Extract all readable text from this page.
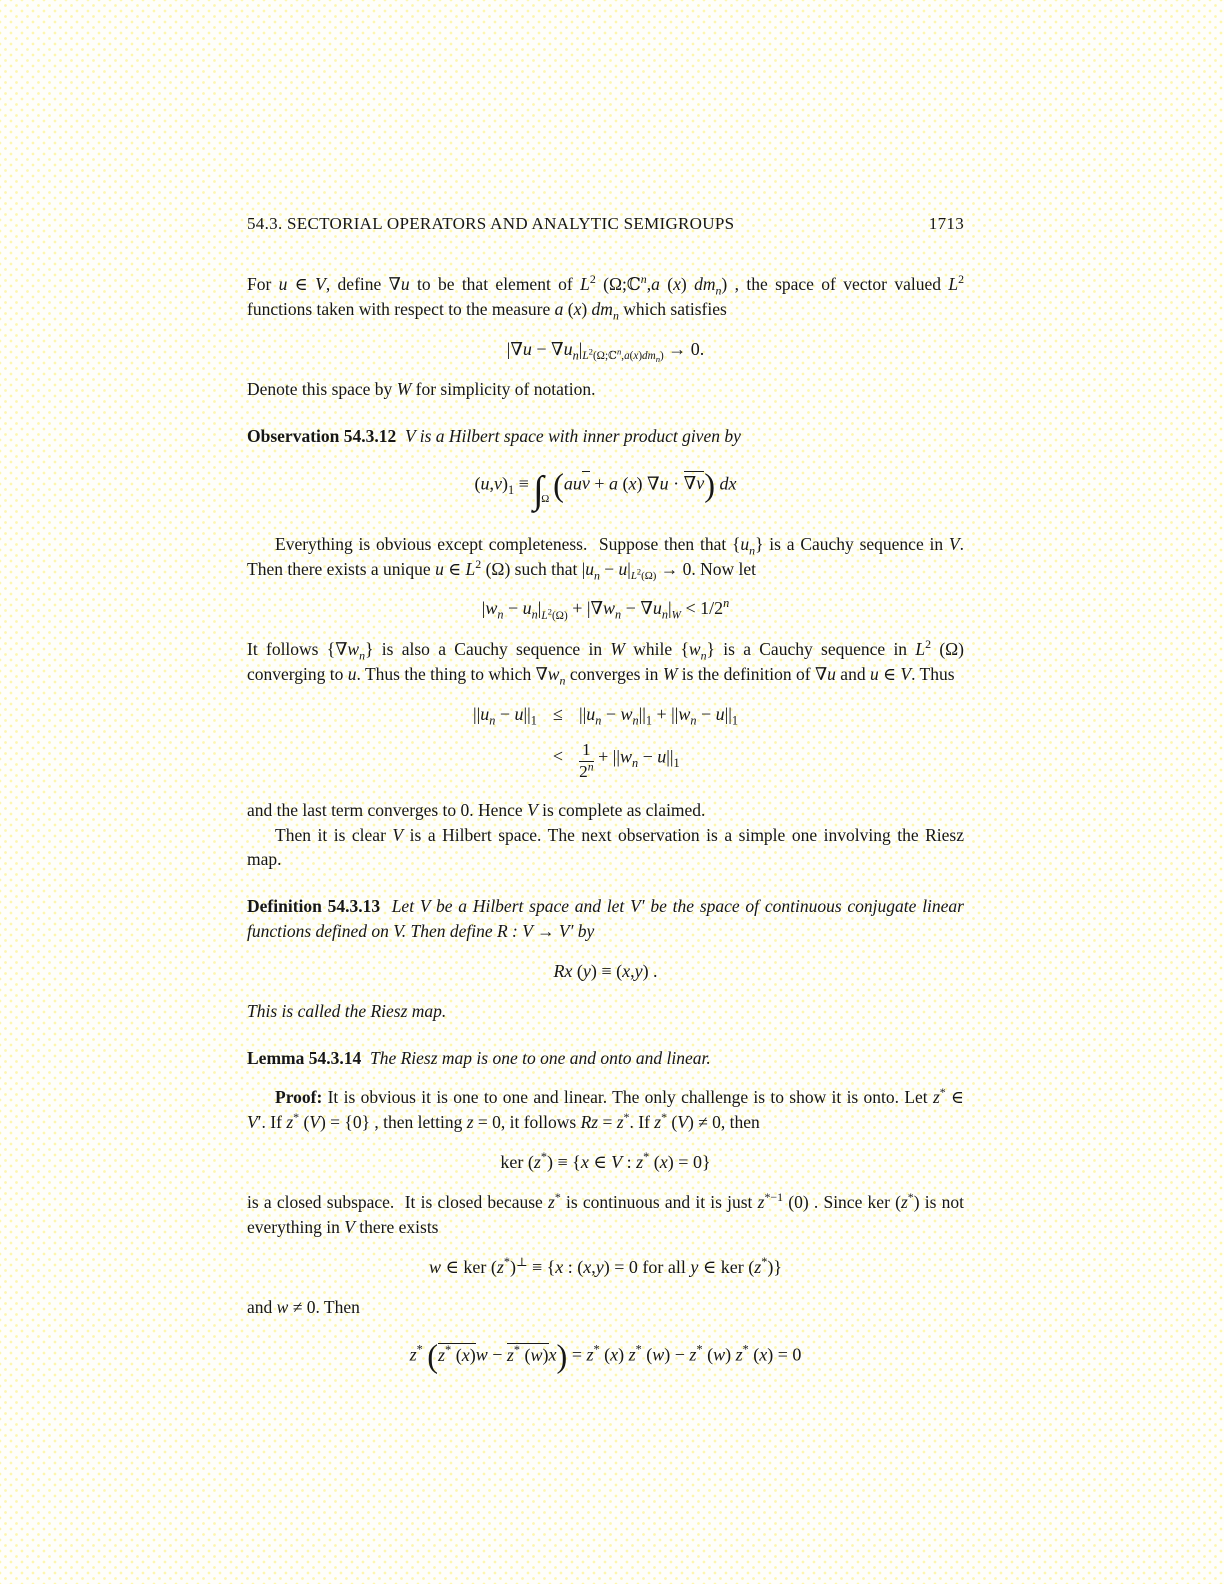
54.3. SECTORIAL OPERATORS AND ANALYTIC SEMIGROUPS	1713
For u ∈ V, define ∇u to be that element of $L^2$ (Ω;ℂ$^n$,a (x) $dm_n$) , the space of vector valued $L^2$ functions taken with respect to the measure a (x) $dm_n$ which satisfies
$|\nabla u - \nabla u_n|_{L^2(\Omega;ℂ^n,a(x)dm_n)} \to 0$.
Denote this space by W for simplicity of notation.
Observation 54.3.12 V is a Hilbert space with inner product given by
$(u,v)_1 \equiv \int_\Omega$ (auv + a (x) ∇u · ∇v) dx
Everything is obvious except completeness.  Suppose then that $\{u_n\}$ is a Cauchy sequence in V. Then there exists a unique u ∈ $L^2$ (Ω) such that $|u_n - u|_{L^2(\Omega)} \to 0$. Now let
$|w_n - u_n|_{L^2(\Omega)} + |\nabla w_n - \nabla u_n|_W < 1/2^n$
It follows $\{\nabla w_n\}$ is also a Cauchy sequence in W while $\{w_n\}$ is a Cauchy sequence in $L^2$ (Ω) converging to u. Thus the thing to which $\nabla w_n$ converges in W is the definition of ∇u and u ∈ V. Thus
$||u_n - u||_1 \le ||u_n - w_n||_1 + ||w_n - u||_1$
< $\frac{1}{2^n} + ||w_n - u||_1$
and the last term converges to 0. Hence V is complete as claimed.
Then it is clear V is a Hilbert space. The next observation is a simple one involving the Riesz map.
Definition 54.3.13 Let V be a Hilbert space and let V′ be the space of continuous conjugate linear functions defined on V. Then define R : V → V′ by
Rx (y) ≡ (x,y) .
This is called the Riesz map.
Lemma 54.3.14 The Riesz map is one to one and onto and linear.
Proof: It is obvious it is one to one and linear. The only challenge is to show it is onto. Let z* ∈ V′. If z* (V) = {0} , then letting z = 0, it follows Rz = z*. If z* (V) ≠ 0, then
ker (z*) ≡ {x ∈ V : z* (x) = 0}
is a closed subspace.  It is closed because z* is continuous and it is just $z^{*-1}$ (0) . Since ker (z*) is not everything in V there exists
w ∈ ker (z*)⊥ ≡ {x : (x,y) = 0 for all y ∈ ker (z*)}
and w ≠ 0. Then
z* (z* (x)w − z* (w)x) = z* (x) z* (w) − z* (w) z* (x) = 0
